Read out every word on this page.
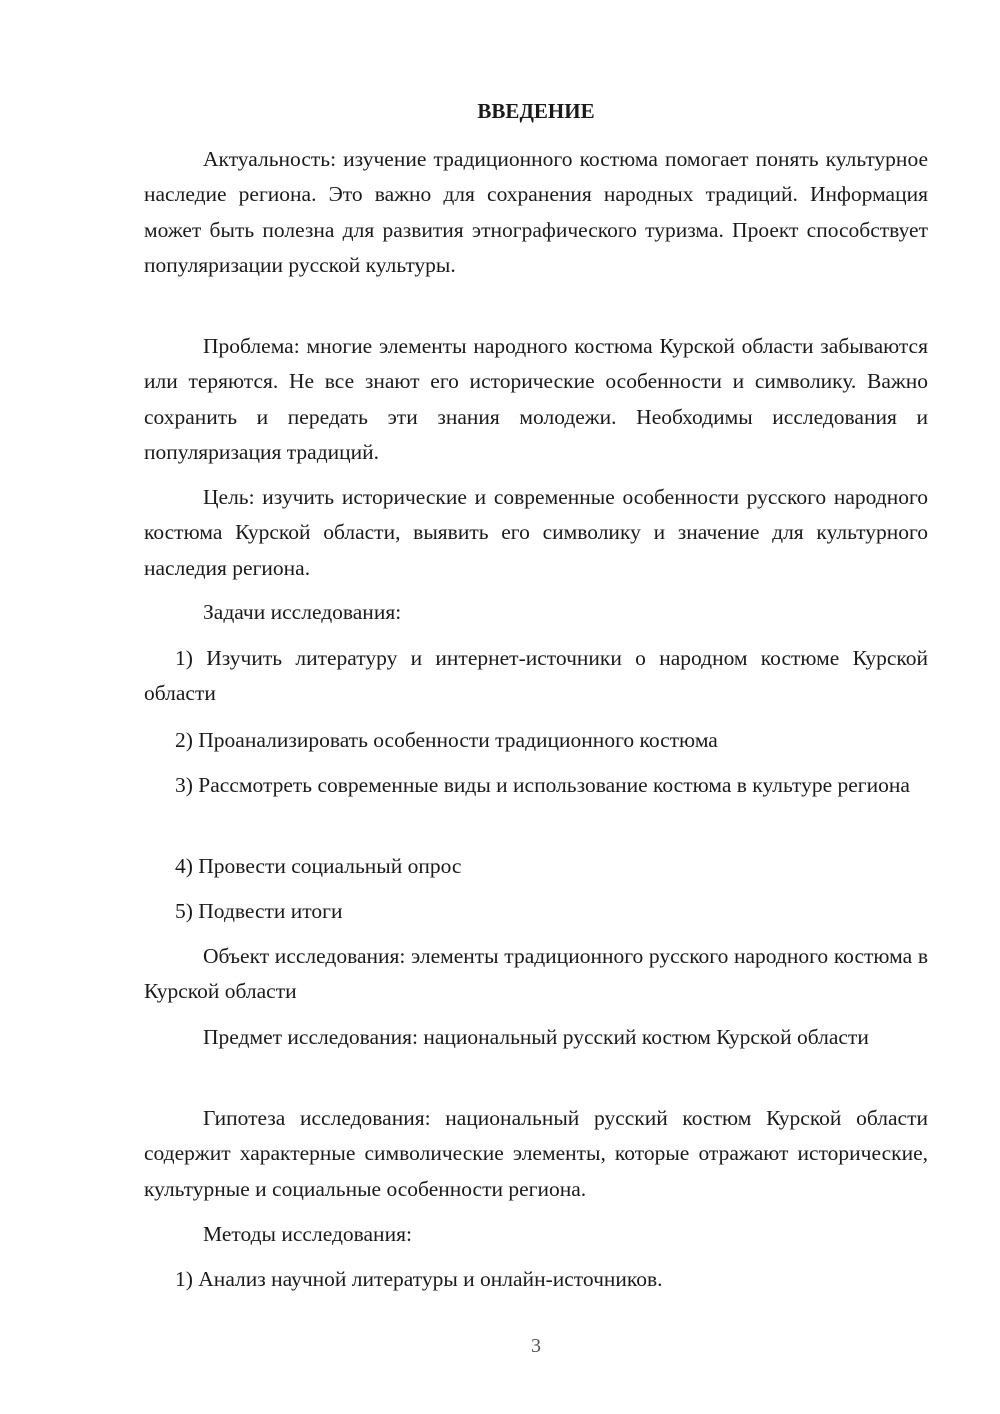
ВВЕДЕНИЕ

Актуальность: изучение традиционного костюма помогает понять культурное наследие региона. Это важно для сохранения народных традиций. Информация может быть полезна для развития этнографического туризма. Проект способствует популяризации русской культуры.

Проблема: многие элементы народного костюма Курской области забываются или теряются. Не все знают его исторические особенности и символику. Важно сохранить и передать эти знания молодежи. Необходимы исследования и популяризация традиций.

Цель: изучить исторические и современные особенности русского народного костюма Курской области, выявить его символику и значение для культурного наследия региона.

Задачи исследования:

1) Изучить литературу и интернет-источники о народном костюме Курской области

2) Проанализировать особенности традиционного костюма

3) Рассмотреть современные виды и использование костюма в культуре региона

4) Провести социальный опрос

5) Подвести итоги

Объект исследования: элементы традиционного русского народного костюма в Курской области

Предмет исследования: национальный русский костюм Курской области

Гипотеза исследования: национальный русский костюм Курской области содержит характерные символические элементы, которые отражают исторические, культурные и социальные особенности региона.

Методы исследования:

1) Анализ научной литературы и онлайн-источников.

3
